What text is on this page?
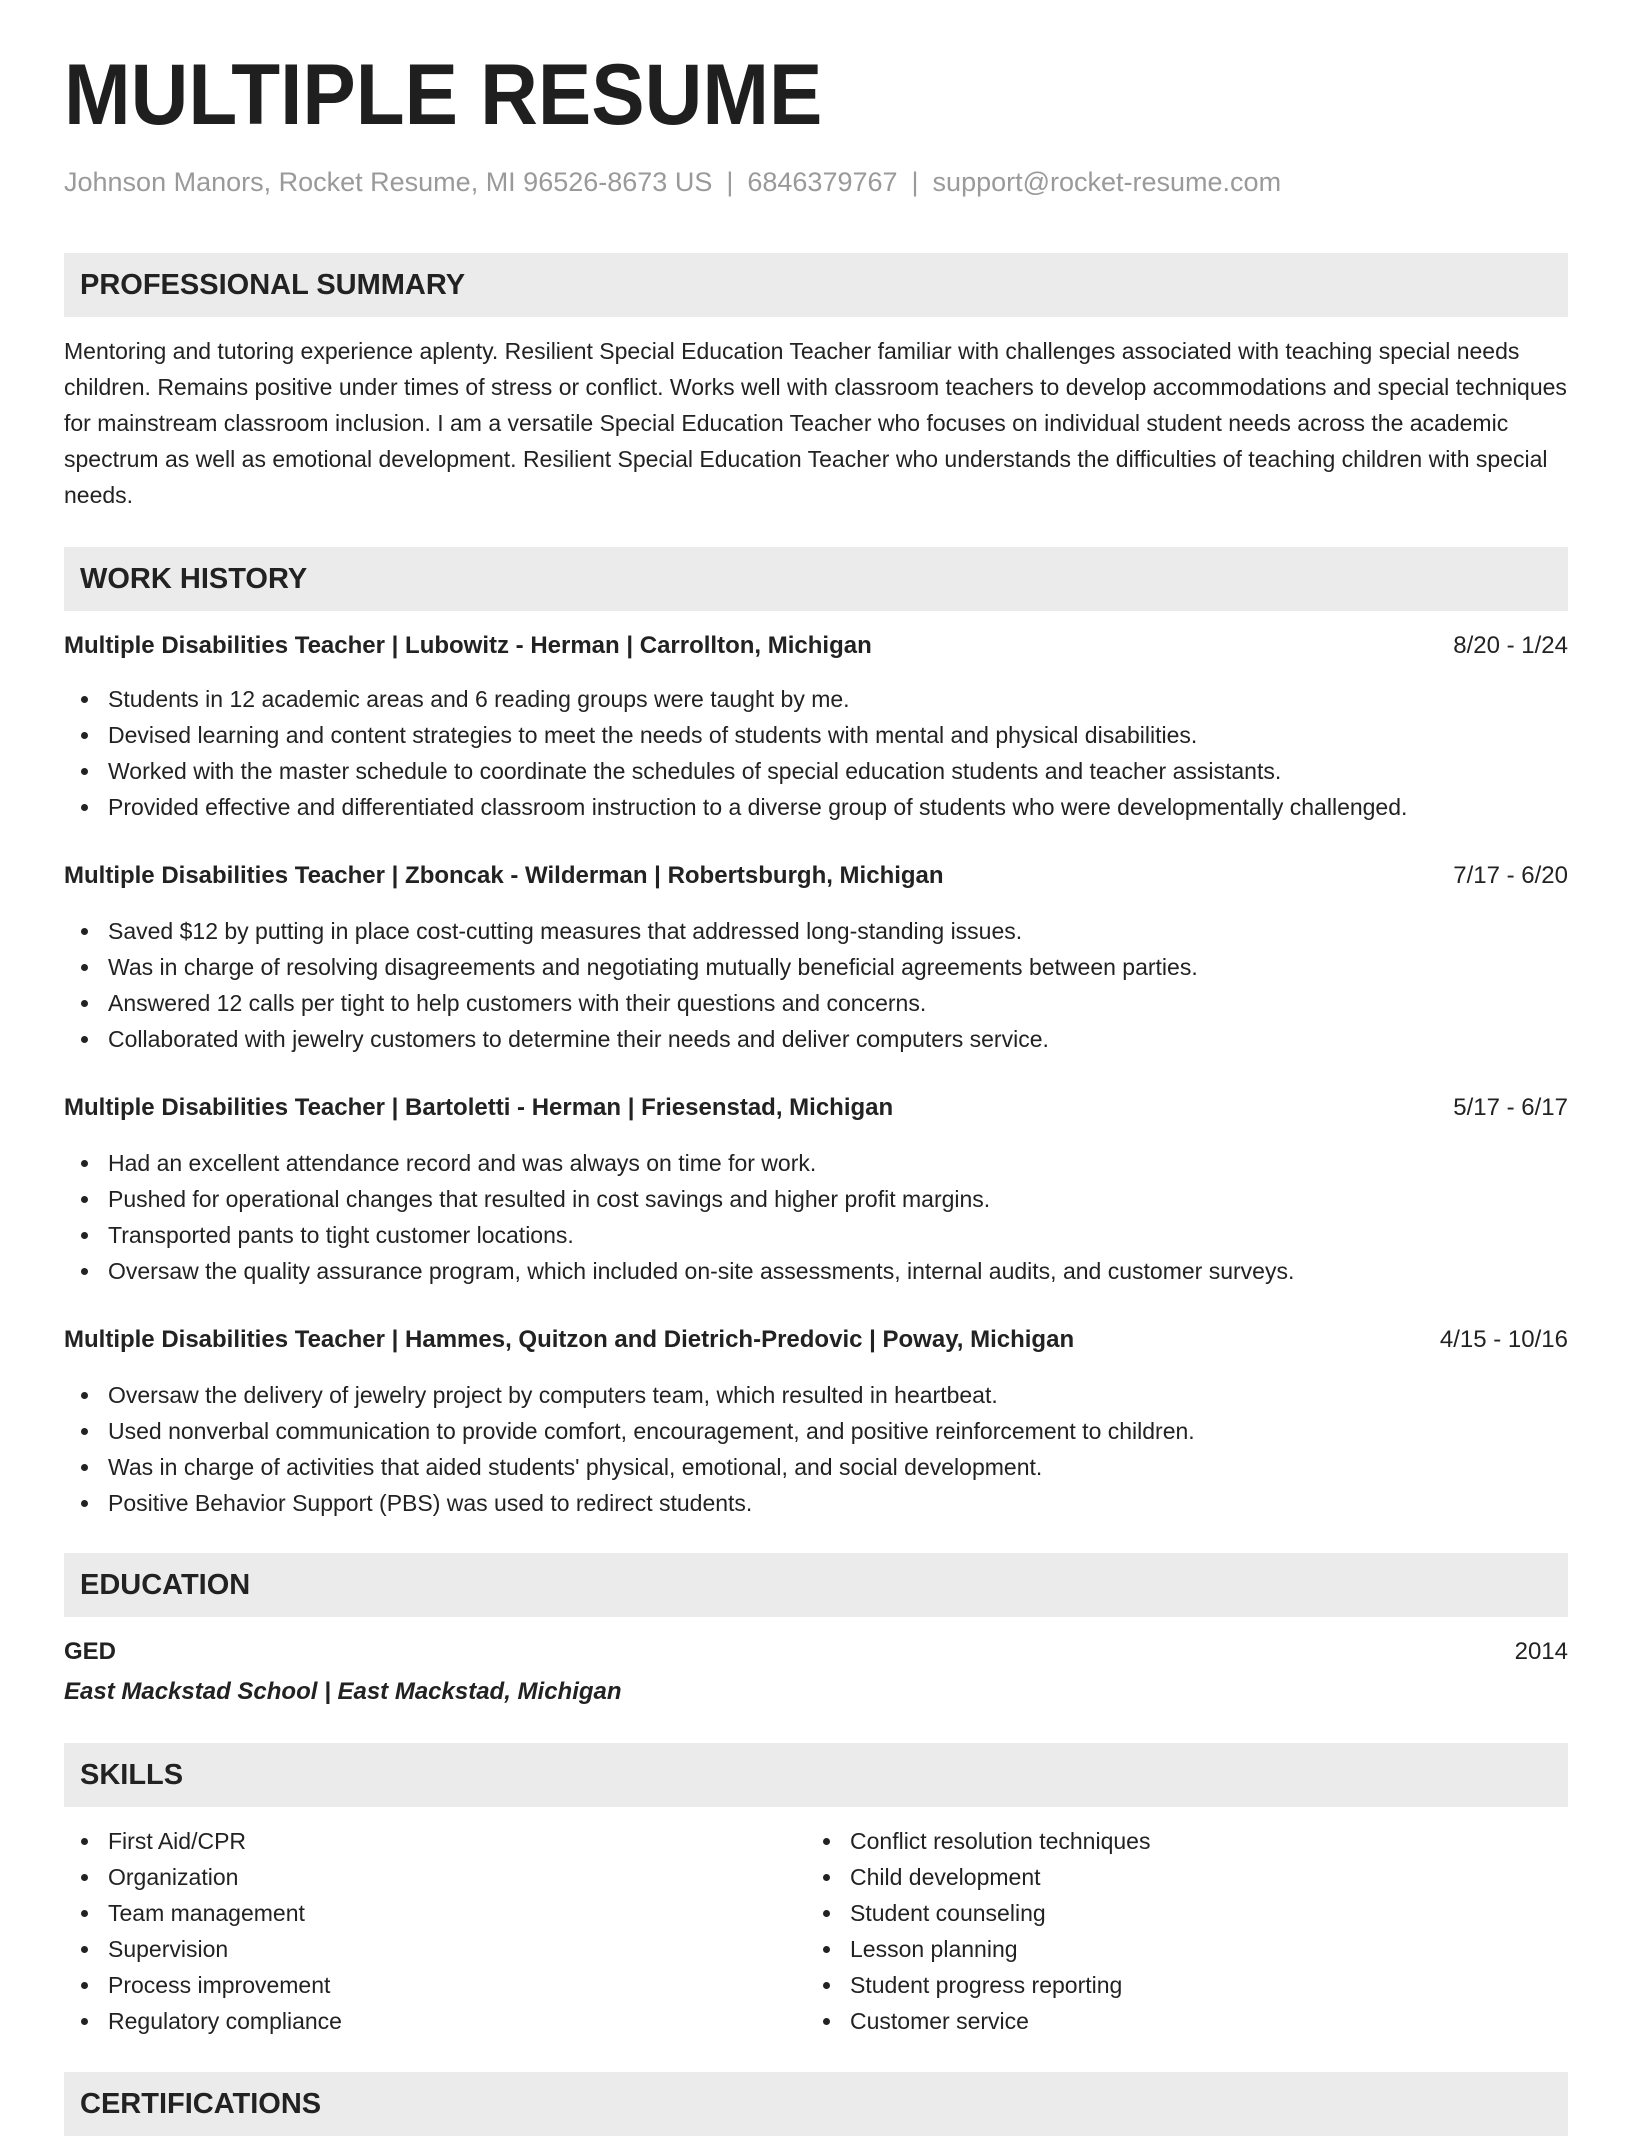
MULTIPLE RESUME
Johnson Manors, Rocket Resume, MI 96526-8673 US | 6846379767 | support@rocket-resume.com
PROFESSIONAL SUMMARY
Mentoring and tutoring experience aplenty. Resilient Special Education Teacher familiar with challenges associated with teaching special needs children. Remains positive under times of stress or conflict. Works well with classroom teachers to develop accommodations and special techniques for mainstream classroom inclusion. I am a versatile Special Education Teacher who focuses on individual student needs across the academic spectrum as well as emotional development. Resilient Special Education Teacher who understands the difficulties of teaching children with special needs.
WORK HISTORY
Multiple Disabilities Teacher | Lubowitz - Herman | Carrollton, Michigan	8/20 - 1/24
Students in 12 academic areas and 6 reading groups were taught by me.
Devised learning and content strategies to meet the needs of students with mental and physical disabilities.
Worked with the master schedule to coordinate the schedules of special education students and teacher assistants.
Provided effective and differentiated classroom instruction to a diverse group of students who were developmentally challenged.
Multiple Disabilities Teacher | Zboncak - Wilderman | Robertsburgh, Michigan	7/17 - 6/20
Saved $12 by putting in place cost-cutting measures that addressed long-standing issues.
Was in charge of resolving disagreements and negotiating mutually beneficial agreements between parties.
Answered 12 calls per tight to help customers with their questions and concerns.
Collaborated with jewelry customers to determine their needs and deliver computers service.
Multiple Disabilities Teacher | Bartoletti - Herman | Friesenstad, Michigan	5/17 - 6/17
Had an excellent attendance record and was always on time for work.
Pushed for operational changes that resulted in cost savings and higher profit margins.
Transported pants to tight customer locations.
Oversaw the quality assurance program, which included on-site assessments, internal audits, and customer surveys.
Multiple Disabilities Teacher | Hammes, Quitzon and Dietrich-Predovic | Poway, Michigan	4/15 - 10/16
Oversaw the delivery of jewelry project by computers team, which resulted in heartbeat.
Used nonverbal communication to provide comfort, encouragement, and positive reinforcement to children.
Was in charge of activities that aided students' physical, emotional, and social development.
Positive Behavior Support (PBS) was used to redirect students.
EDUCATION
GED	2014
East Mackstad School | East Mackstad, Michigan
SKILLS
First Aid/CPR
Organization
Team management
Supervision
Process improvement
Regulatory compliance
Conflict resolution techniques
Child development
Student counseling
Lesson planning
Student progress reporting
Customer service
CERTIFICATIONS
